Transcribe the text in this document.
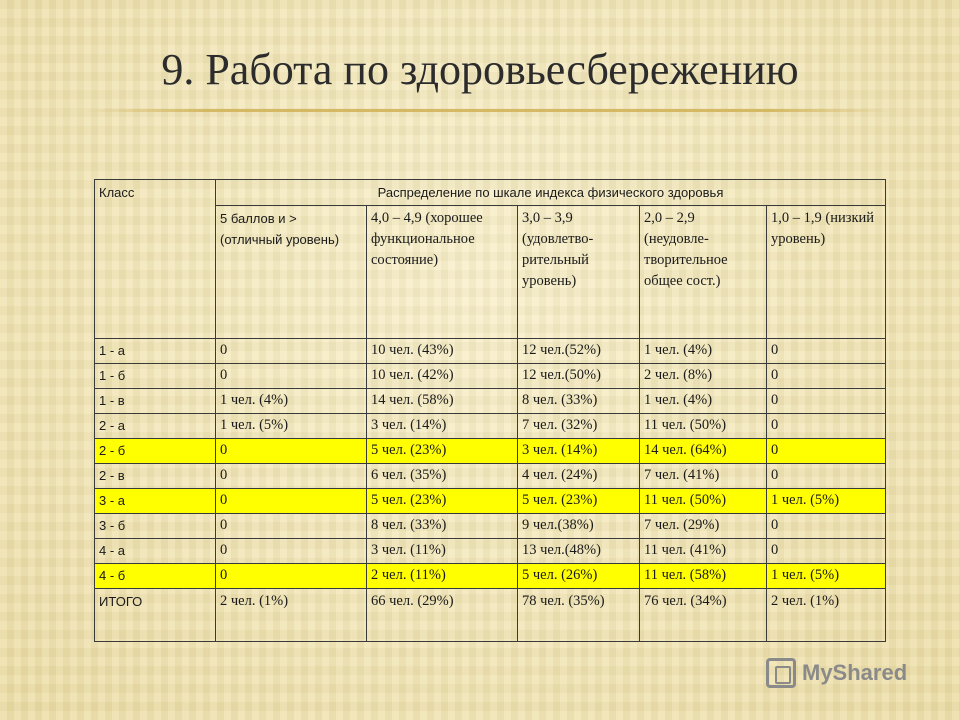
9. Работа по здоровьесбережению
Класс	Распределение по шкале индекса физического здоровья				
	5 баллов и > (отличный уровень)	4,0 – 4,9 (хорошее функциональное состояние)	3,0 – 3,9 (удовлетво-рительный уровень)	2,0 – 2,9 (неудовле-творительное общее сост.)	1,0 – 1,9 (низкий уровень)
1 - а	0	10 чел. (43%)	12 чел.(52%)	1 чел. (4%)	0
1 - б	0	10 чел. (42%)	12 чел.(50%)	2 чел. (8%)	0
1 - в	1 чел. (4%)	14 чел. (58%)	8 чел. (33%)	1 чел. (4%)	0
2 - а	1 чел. (5%)	3 чел. (14%)	7 чел. (32%)	11 чел. (50%)	0
2 - б	0	5 чел. (23%)	3 чел. (14%)	14 чел. (64%)	0
2 - в	0	6 чел. (35%)	4 чел. (24%)	7 чел. (41%)	0
3 - а	0	5 чел. (23%)	5 чел. (23%)	11 чел. (50%)	1 чел. (5%)
3 - б	0	8 чел. (33%)	9 чел.(38%)	7 чел. (29%)	0
4 - а	0	3 чел. (11%)	13 чел.(48%)	11 чел. (41%)	0
4 - б	0	2 чел. (11%)	5 чел. (26%)	11 чел. (58%)	1 чел. (5%)
ИТОГО	2 чел. (1%)	66 чел. (29%)	78 чел. (35%)	76 чел. (34%)	2 чел. (1%)
MyShared
